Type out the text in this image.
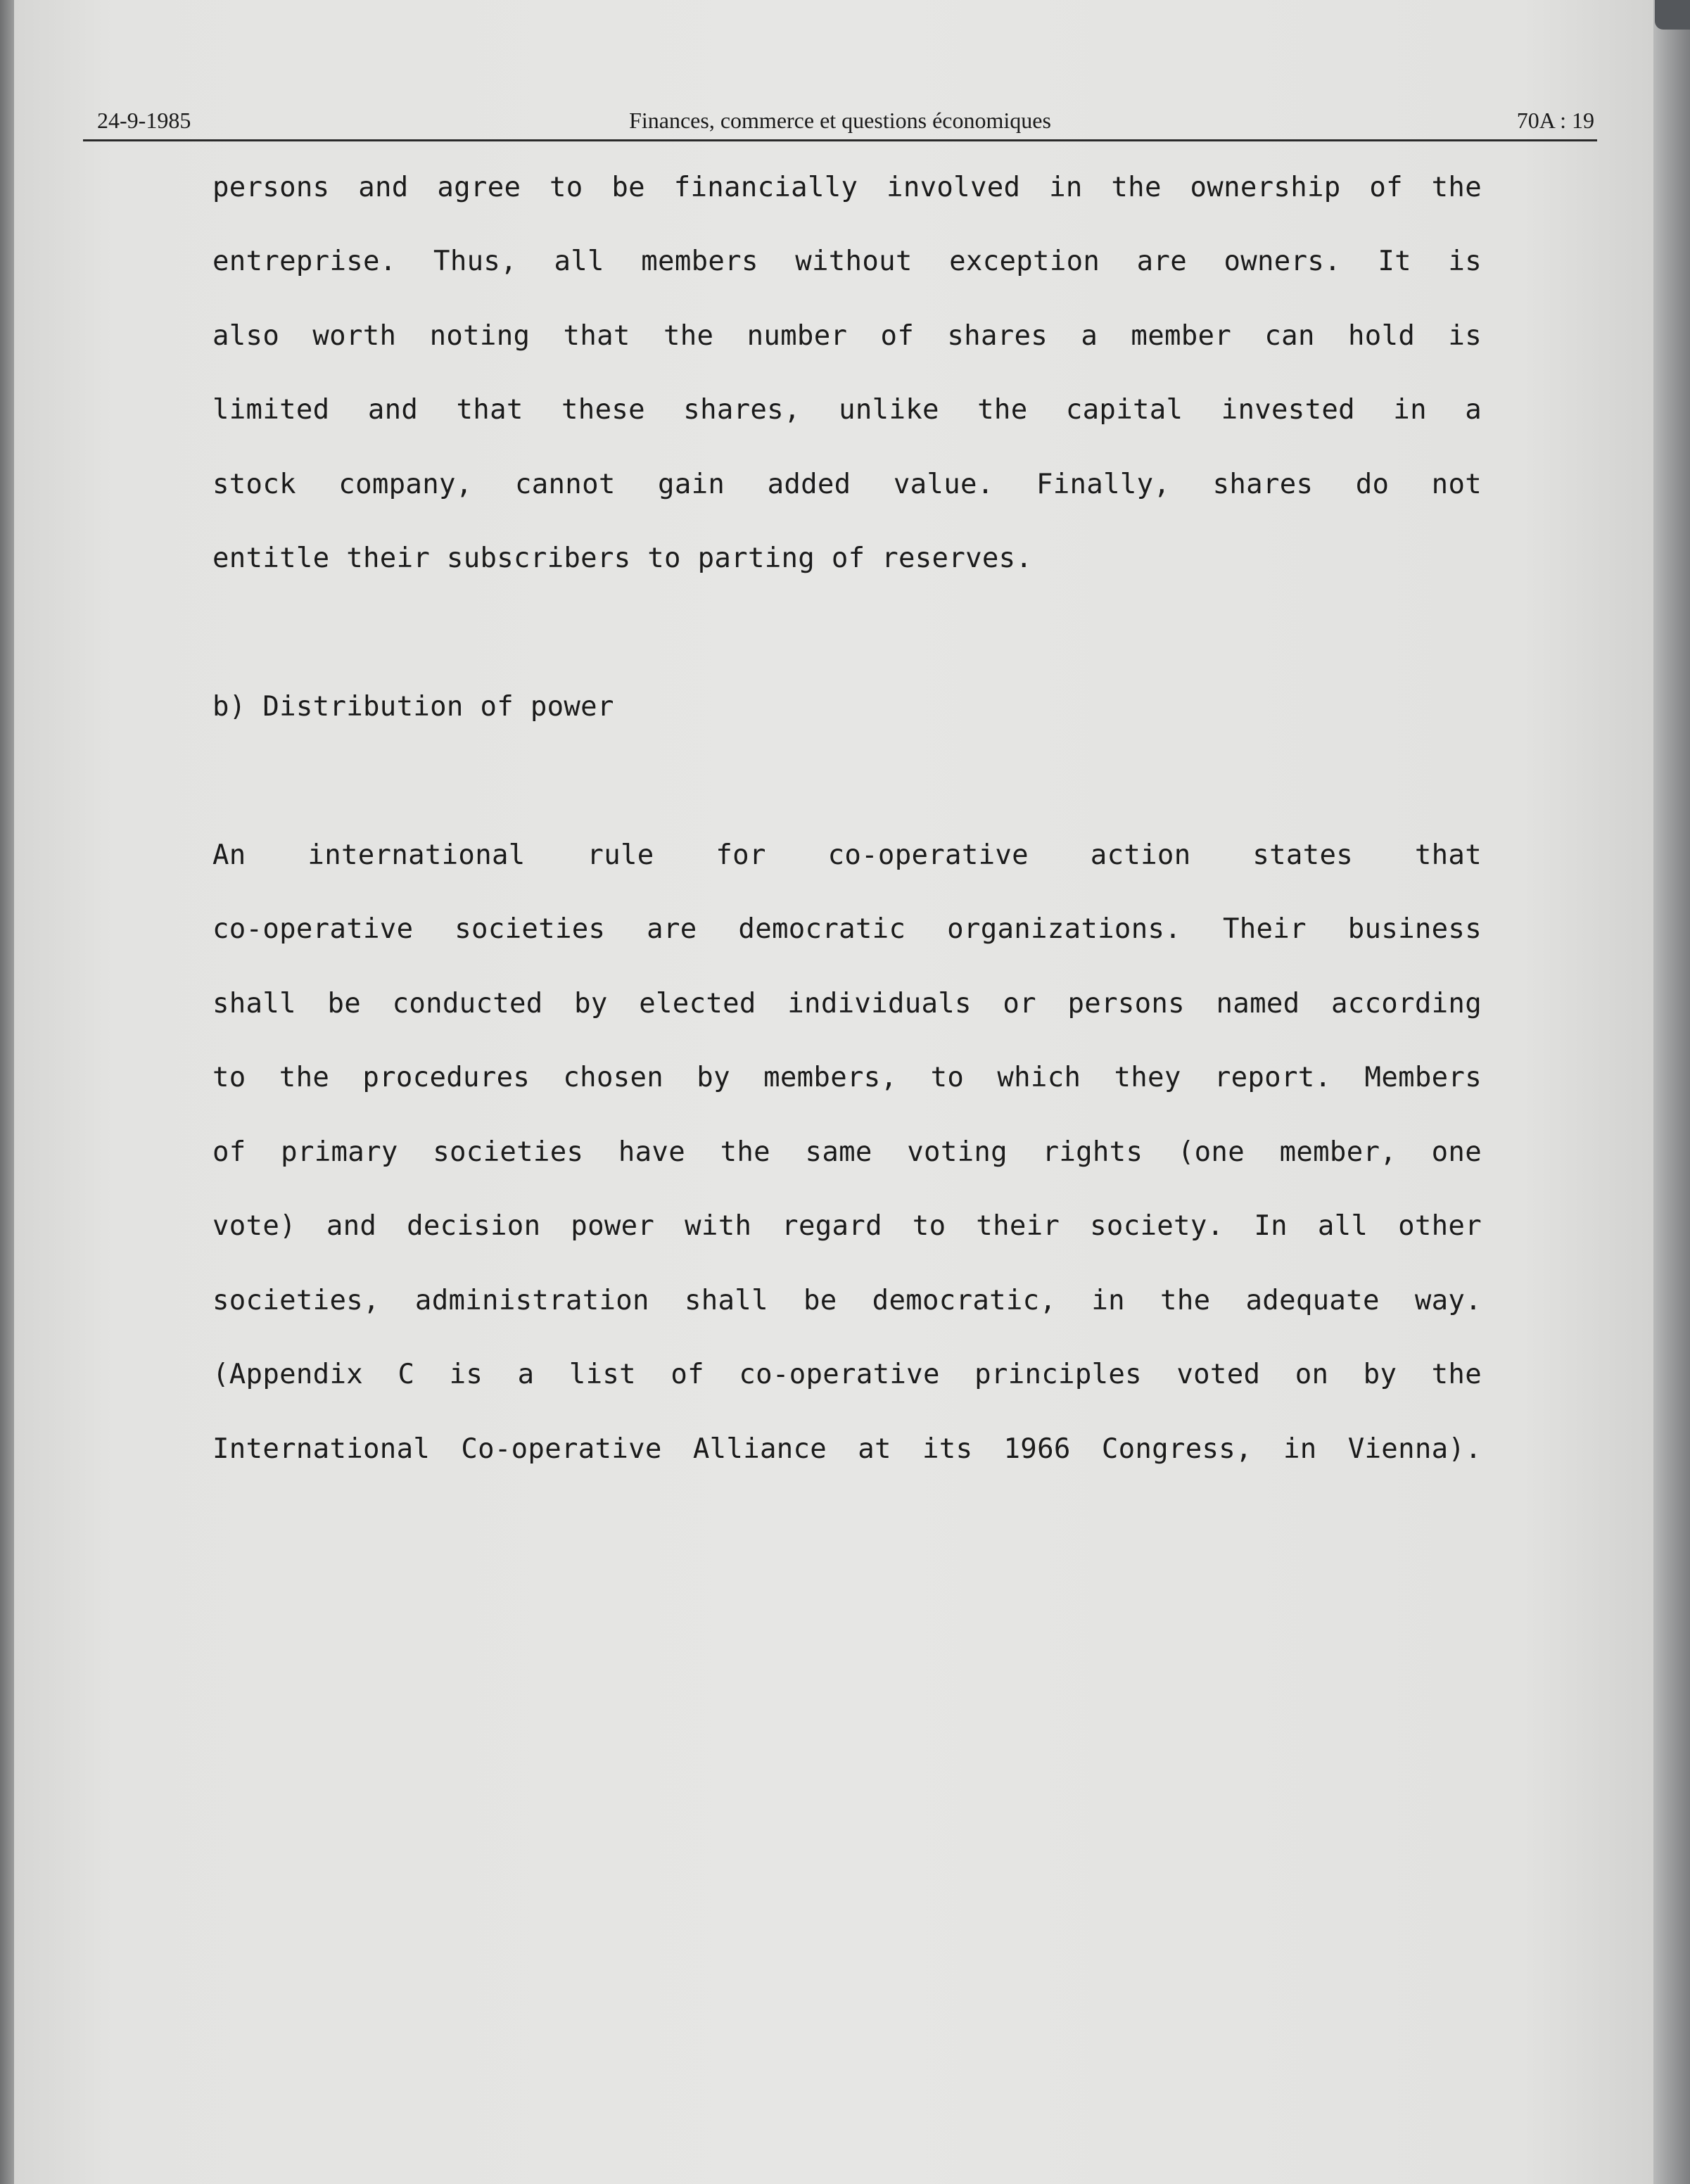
24-9-1985	Finances, commerce et questions économiques	70A : 19
persons and agree to be financially involved in the ownership of the
entreprise. Thus, all members without exception are owners. It is
also worth noting that the number of shares a member can hold is
limited and that these shares, unlike the capital invested in a
stock company, cannot gain added value. Finally, shares do not
entitle their subscribers to parting of reserves.
b) Distribution of power
An international rule for co-operative action states that
co-operative societies are democratic organizations. Their business
shall be conducted by elected individuals or persons named according
to the procedures chosen by members, to which they report. Members
of primary societies have the same voting rights (one member, one
vote) and decision power with regard to their society. In all other
societies, administration shall be democratic, in the adequate way.
(Appendix C is a list of co-operative principles voted on by the
International Co-operative Alliance at its 1966 Congress, in Vienna).
